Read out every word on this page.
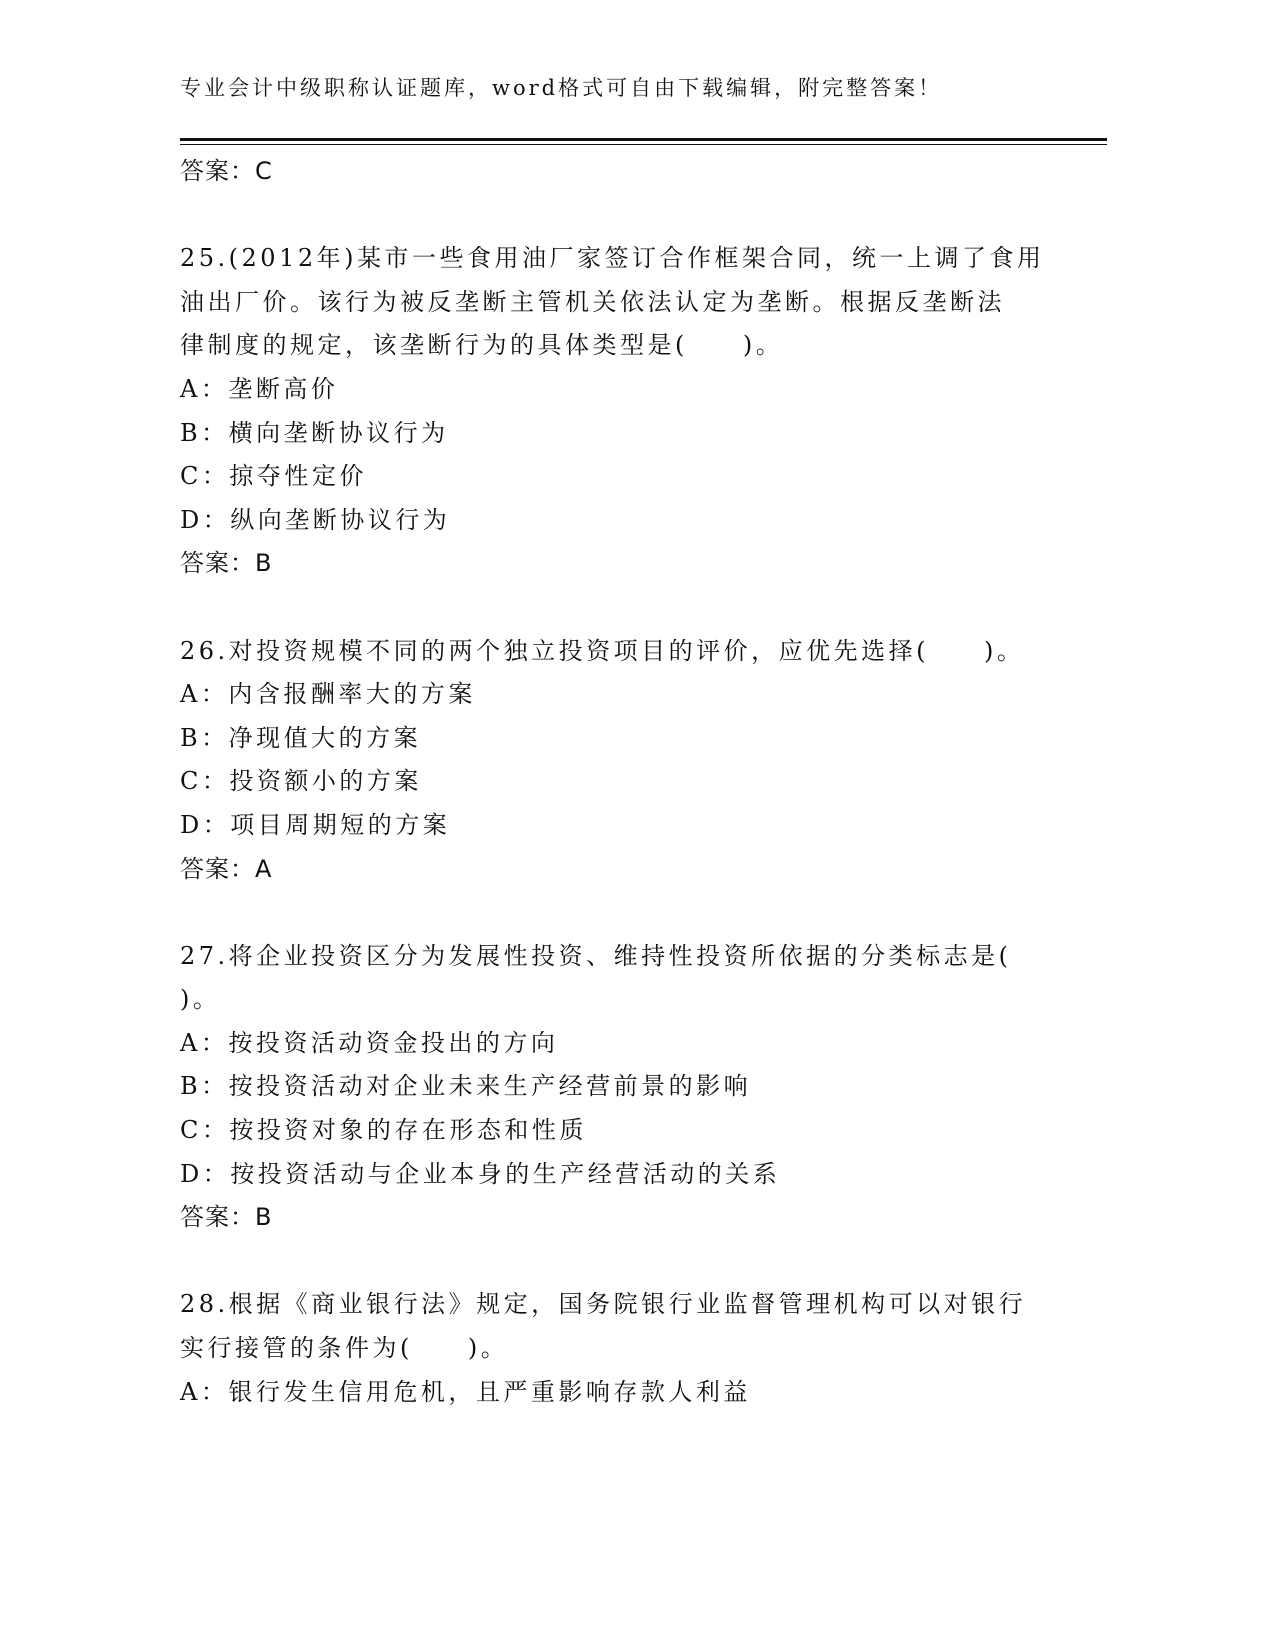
专业会计中级职称认证题库，word格式可自由下载编辑，附完整答案！
答案：C
25.(2012年)某市一些食用油厂家签订合作框架合同，统一上调了食用
油出厂价。该行为被反垄断主管机关依法认定为垄断。根据反垄断法
律制度的规定，该垄断行为的具体类型是(　　)。
A：垄断高价
B：横向垄断协议行为
C：掠夺性定价
D：纵向垄断协议行为
答案：B
26.对投资规模不同的两个独立投资项目的评价，应优先选择(　　)。
A：内含报酬率大的方案
B：净现值大的方案
C：投资额小的方案
D：项目周期短的方案
答案：A
27.将企业投资区分为发展性投资、维持性投资所依据的分类标志是(
)。
A：按投资活动资金投出的方向
B：按投资活动对企业未来生产经营前景的影响
C：按投资对象的存在形态和性质
D：按投资活动与企业本身的生产经营活动的关系
答案：B
28.根据《商业银行法》规定，国务院银行业监督管理机构可以对银行
实行接管的条件为(　　)。
A：银行发生信用危机，且严重影响存款人利益
